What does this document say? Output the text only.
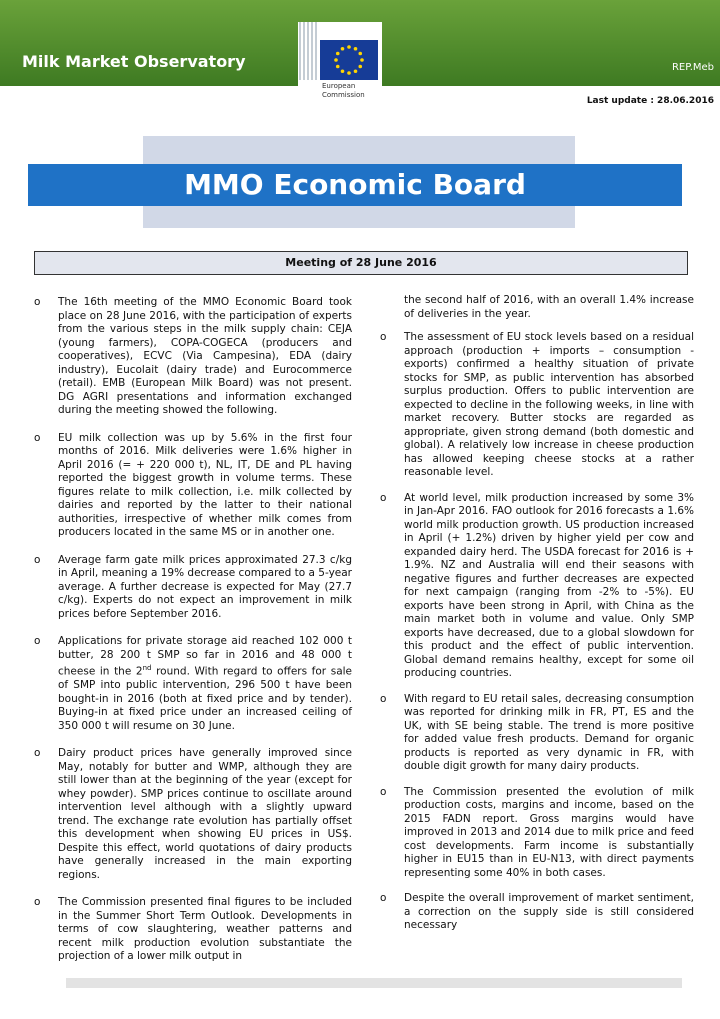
Milk Market Observatory	REP.Meb
European
Commission
Last update : 28.06.2016
MMO Economic Board
Meeting of 28 June 2016
o The 16th meeting of the MMO Economic Board took place on 28 June 2016, with the participation of experts from the various steps in the milk supply chain: CEJA (young farmers), COPA-COGECA (producers and cooperatives), ECVC (Via Campesina), EDA (dairy industry), Eucolait (dairy trade) and Eurocommerce (retail). EMB (European Milk Board) was not present. DG AGRI presentations and information exchanged during the meeting showed the following.

o EU milk collection was up by 5.6% in the first four months of 2016. Milk deliveries were 1.6% higher in April 2016 (= + 220 000 t), NL, IT, DE and PL having reported the biggest growth in volume terms. These figures relate to milk collection, i.e. milk collected by dairies and reported by the latter to their national authorities, irrespective of whether milk comes from producers located in the same MS or in another one.

o Average farm gate milk prices approximated 27.3 c/kg in April, meaning a 19% decrease compared to a 5-year average. A further decrease is expected for May (27.7 c/kg). Experts do not expect an improvement in milk prices before September 2016.

o Applications for private storage aid reached 102 000 t butter, 28 200 t SMP so far in 2016 and 48 000 t cheese in the 2nd round. With regard to offers for sale of SMP into public intervention, 296 500 t have been bought-in in 2016 (both at fixed price and by tender). Buying-in at fixed price under an increased ceiling of 350 000 t will resume on 30 June.

o Dairy product prices have generally improved since May, notably for butter and WMP, although they are still lower than at the beginning of the year (except for whey powder). SMP prices continue to oscillate around intervention level although with a slightly upward trend. The exchange rate evolution has partially offset this development when showing EU prices in US$. Despite this effect, world quotations of dairy products have generally increased in the main exporting regions.

o The Commission presented final figures to be included in the Summer Short Term Outlook. Developments in terms of cow slaughtering, weather patterns and recent milk production evolution substantiate the projection of a lower milk output in

the second half of 2016, with an overall 1.4% increase of deliveries in the year.

o The assessment of EU stock levels based on a residual approach (production + imports – consumption - exports) confirmed a healthy situation of private stocks for SMP, as public intervention has absorbed surplus production. Offers to public intervention are expected to decline in the following weeks, in line with market recovery. Butter stocks are regarded as appropriate, given strong demand (both domestic and global). A relatively low increase in cheese production has allowed keeping cheese stocks at a rather reasonable level.

o At world level, milk production increased by some 3% in Jan-Apr 2016. FAO outlook for 2016 forecasts a 1.6% world milk production growth. US production increased in April (+ 1.2%) driven by higher yield per cow and expanded dairy herd. The USDA forecast for 2016 is + 1.9%. NZ and Australia will end their seasons with negative figures and further decreases are expected for next campaign (ranging from -2% to -5%). EU exports have been strong in April, with China as the main market both in volume and value. Only SMP exports have decreased, due to a global slowdown for this product and the effect of public intervention. Global demand remains healthy, except for some oil producing countries.

o With regard to EU retail sales, decreasing consumption was reported for drinking milk in FR, PT, ES and the UK, with SE being stable. The trend is more positive for added value fresh products. Demand for organic products is reported as very dynamic in FR, with double digit growth for many dairy products.

o The Commission presented the evolution of milk production costs, margins and income, based on the 2015 FADN report. Gross margins would have improved in 2013 and 2014 due to milk price and feed cost developments. Farm income is substantially higher in EU15 than in EU-N13, with direct payments representing some 40% in both cases.

o Despite the overall improvement of market sentiment, a correction on the supply side is still considered necessary
